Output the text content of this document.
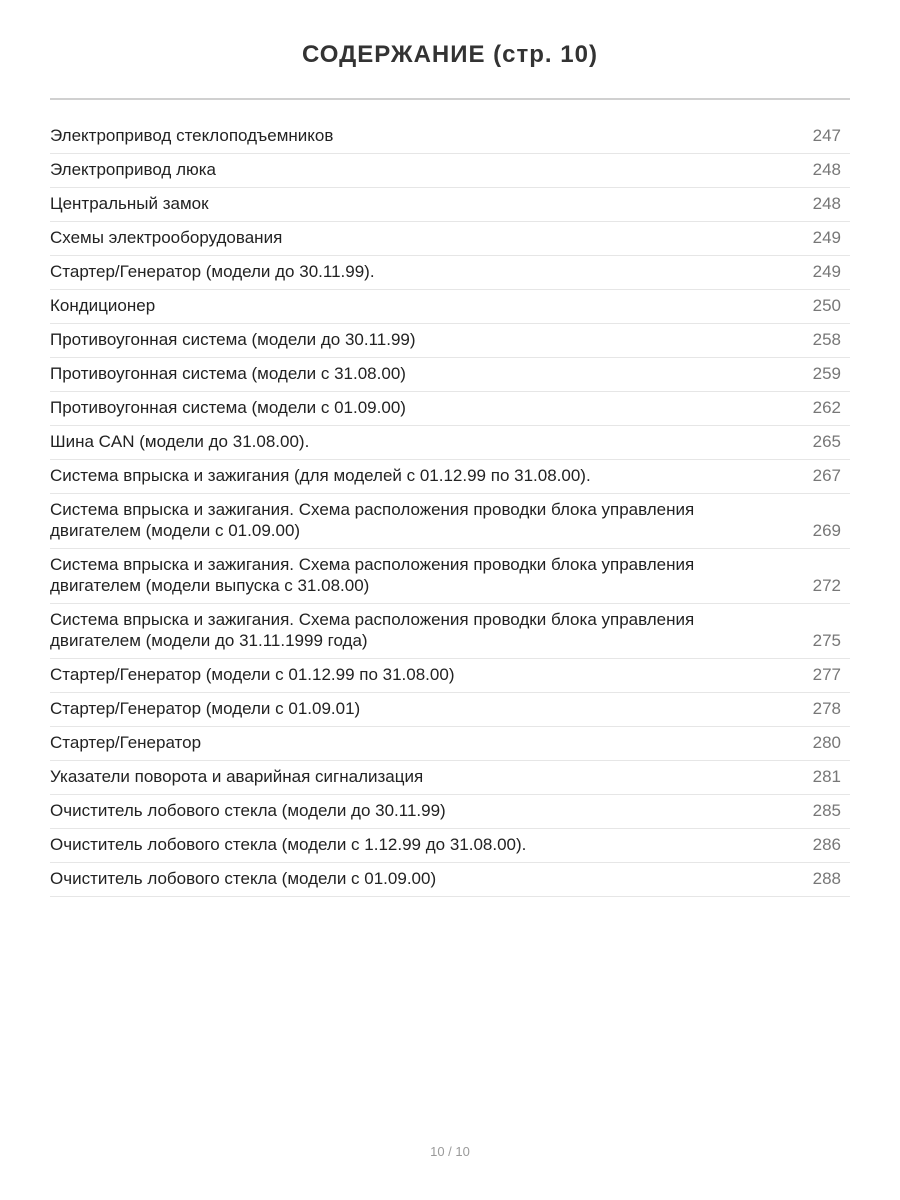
СОДЕРЖАНИЕ (стр. 10)
Электропривод стеклоподъемников	247
Электропривод люка	248
Центральный замок	248
Схемы электрооборудования	249
Стартер/Генератор (модели до 30.11.99).	249
Кондиционер	250
Противоугонная система (модели до 30.11.99)	258
Противоугонная система (модели с 31.08.00)	259
Противоугонная система (модели с 01.09.00)	262
Шина CAN (модели до 31.08.00).	265
Система впрыска и зажигания (для моделей с 01.12.99 по 31.08.00).	267
Система впрыска и зажигания. Схема расположения проводки блока управления
двигателем (модели с 01.09.00)	269
Система впрыска и зажигания. Схема расположения проводки блока управления
двигателем (модели выпуска с 31.08.00)	272
Система впрыска и зажигания. Схема расположения проводки блока управления
двигателем (модели до 31.11.1999 года)	275
Стартер/Генератор (модели с 01.12.99 по 31.08.00)	277
Стартер/Генератор (модели с 01.09.01)	278
Стартер/Генератор	280
Указатели поворота и аварийная сигнализация	281
Очиститель лобового стекла (модели до 30.11.99)	285
Очиститель лобового стекла (модели с 1.12.99 до 31.08.00).	286
Очиститель лобового стекла (модели с 01.09.00)	288
10 / 10
